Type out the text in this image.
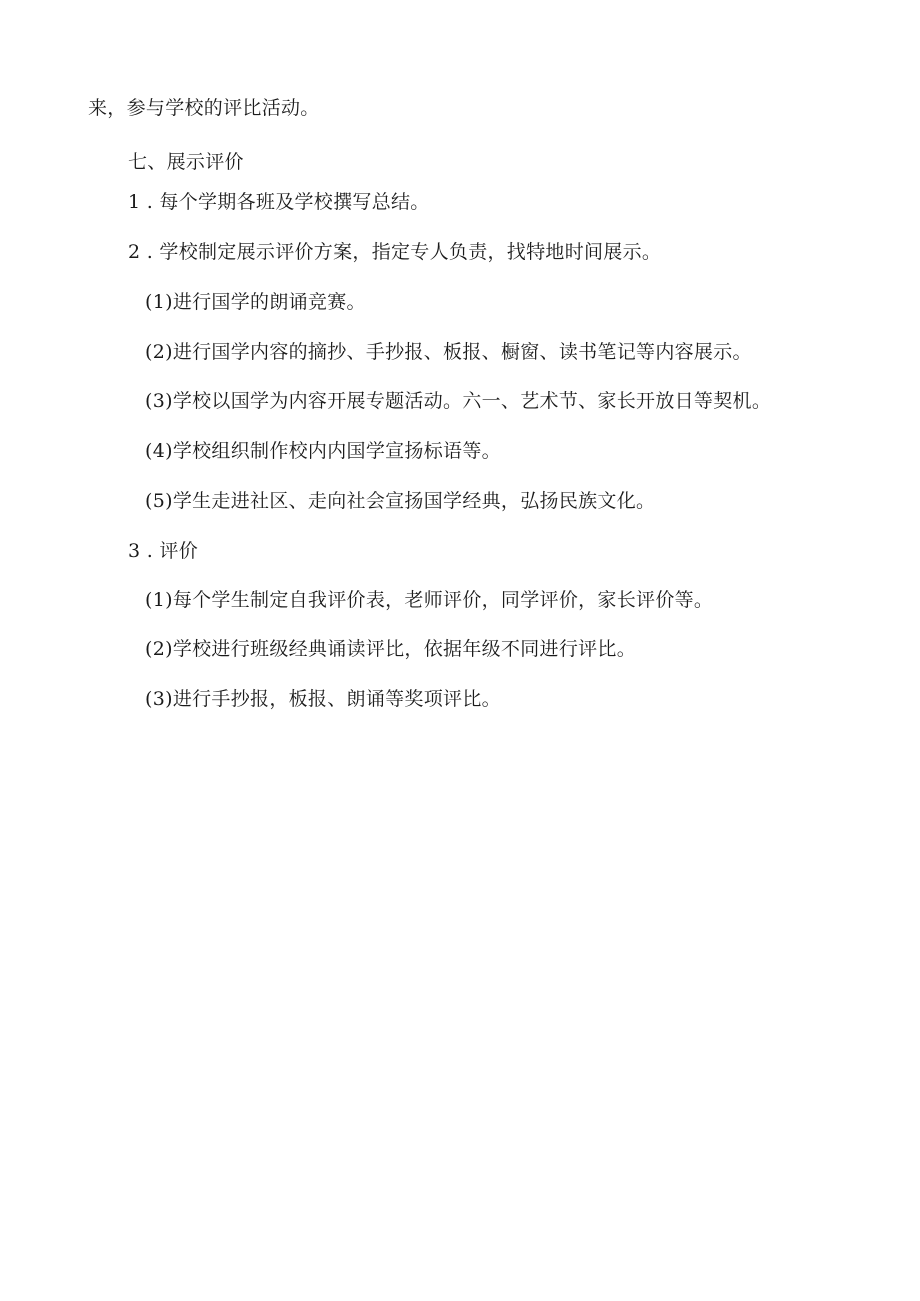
来，参与学校的评比活动。
七、展示评价
1 . 每个学期各班及学校撰写总结。
2 . 学校制定展示评价方案，指定专人负责，找特地时间展示。
(1)进行国学的朗诵竞赛。
(2)进行国学内容的摘抄、手抄报、板报、橱窗、读书笔记等内容展示。
(3)学校以国学为内容开展专题活动。六一、艺术节、家长开放日等契机。
(4)学校组织制作校内内国学宣扬标语等。
(5)学生走进社区、走向社会宣扬国学经典，弘扬民族文化。
3 . 评价
(1)每个学生制定自我评价表，老师评价，同学评价，家长评价等。
(2)学校进行班级经典诵读评比，依据年级不同进行评比。
(3)进行手抄报，板报、朗诵等奖项评比。
